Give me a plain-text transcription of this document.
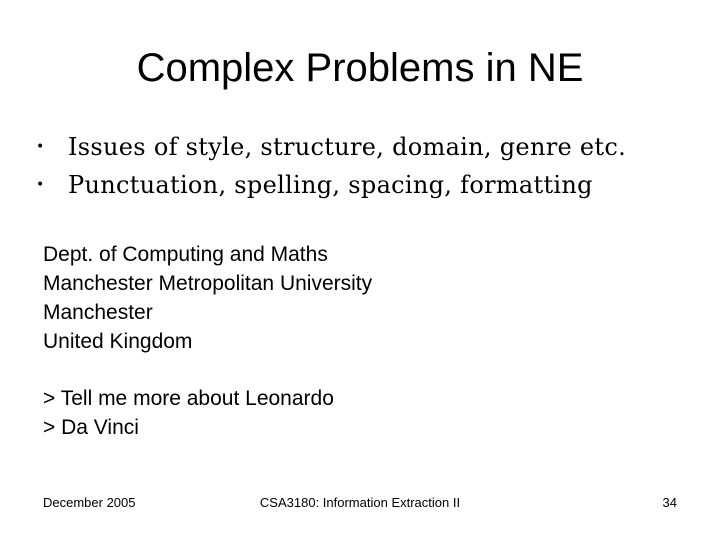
Complex Problems in NE
• Issues of style, structure, domain, genre etc.
• Punctuation, spelling, spacing, formatting
Dept. of Computing and Maths
Manchester Metropolitan University
Manchester
United Kingdom
> Tell me more about Leonardo
> Da Vinci
December 2005	CSA3180: Information Extraction II	34
